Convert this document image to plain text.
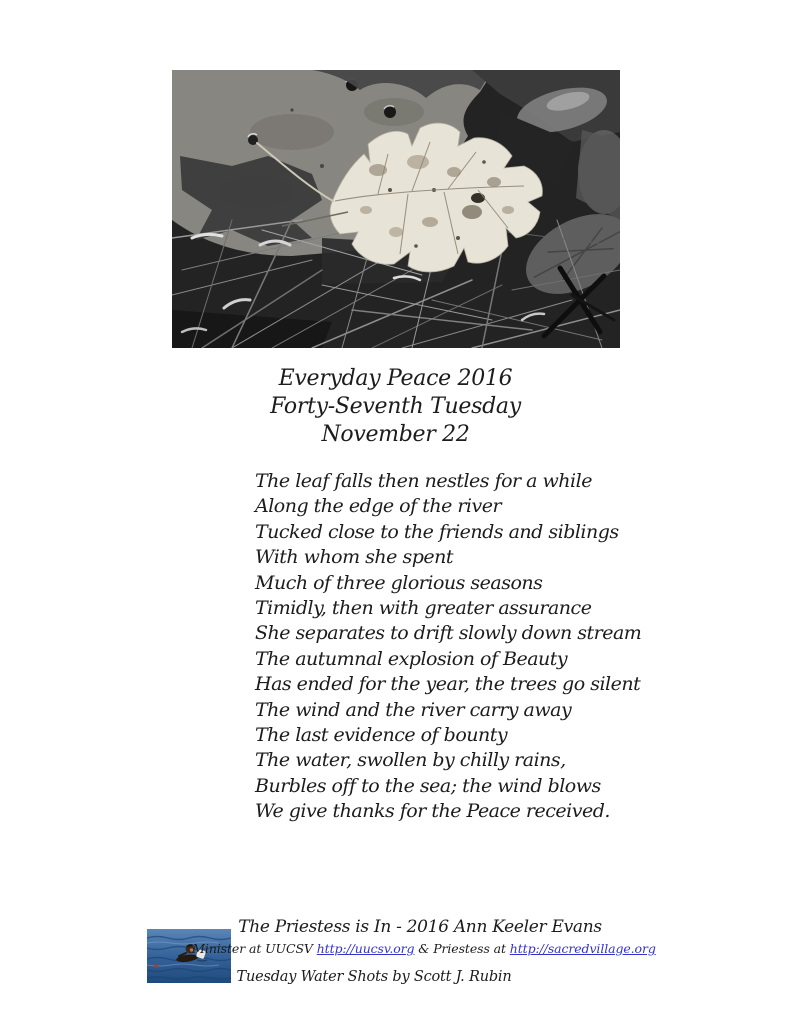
Everyday Peace 2016
Forty-Seventh Tuesday
November 22
The leaf falls then nestles for a while
Along the edge of the river
Tucked close to the friends and siblings
With whom she spent
Much of three glorious seasons
Timidly, then with greater assurance
She separates to drift slowly down stream
The autumnal explosion of Beauty
Has ended for the year, the trees go silent
The wind and the river carry away
The last evidence of bounty
The water, swollen by chilly rains,
Burbles off to the sea; the wind blows
We give thanks for the Peace received.
The Priestess is In - 2016 Ann Keeler Evans
Minister at UUCSV http://uucsv.org & Priestess at http://sacredvillage.org
Tuesday Water Shots by Scott J. Rubin
